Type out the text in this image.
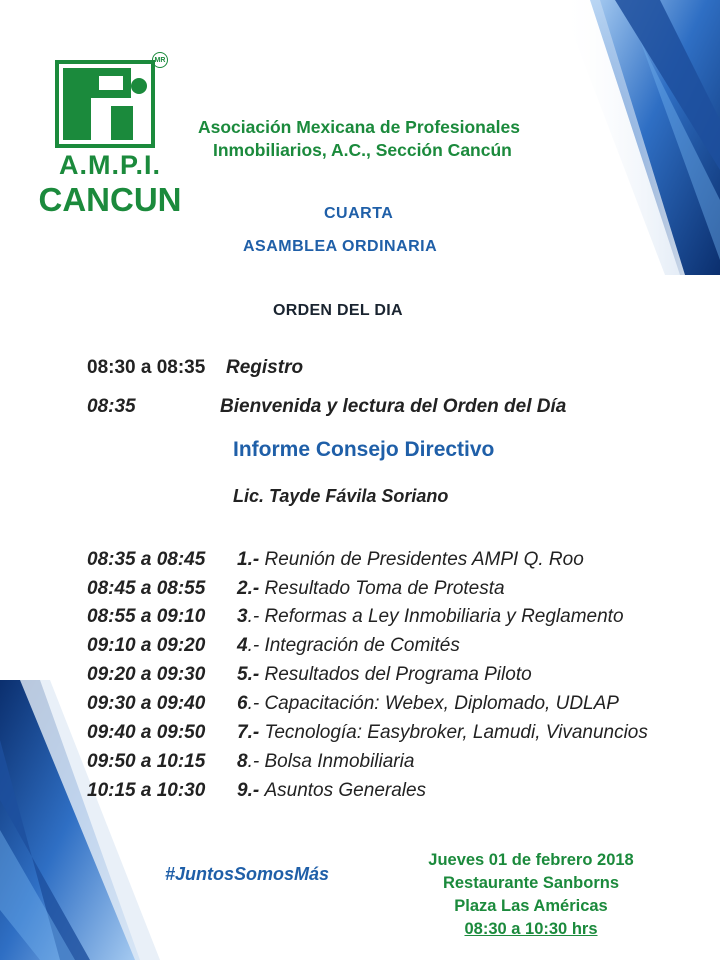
MR
A.M.P.I.
CANCUN
Asociación Mexicana de Profesionales
Inmobiliarios, A.C., Sección Cancún
CUARTA
ASAMBLEA ORDINARIA
ORDEN DEL DIA
08:30 a 08:35 Registro
08:35	Bienvenida y lectura del Orden del Día
Informe Consejo Directivo
Lic. Tayde Fávila Soriano
08:35 a 08:45 1.- Reunión de Presidentes AMPI Q. Roo
08:45 a 08:55 2.- Resultado Toma de Protesta
08:55 a 09:10 3.- Reformas a Ley Inmobiliaria y Reglamento
09:10 a 09:20 4.- Integración de Comités
09:20 a 09:30 5.- Resultados del Programa Piloto
09:30 a 09:40 6.- Capacitación: Webex, Diplomado, UDLAP
09:40 a 09:50 7.- Tecnología: Easybroker, Lamudi, Vivanuncios
09:50 a 10:15 8.- Bolsa Inmobiliaria
10:15 a 10:30 9.- Asuntos Generales
#JuntosSomosMás
Jueves 01 de febrero 2018
Restaurante Sanborns
Plaza Las Américas
08:30 a 10:30 hrs
